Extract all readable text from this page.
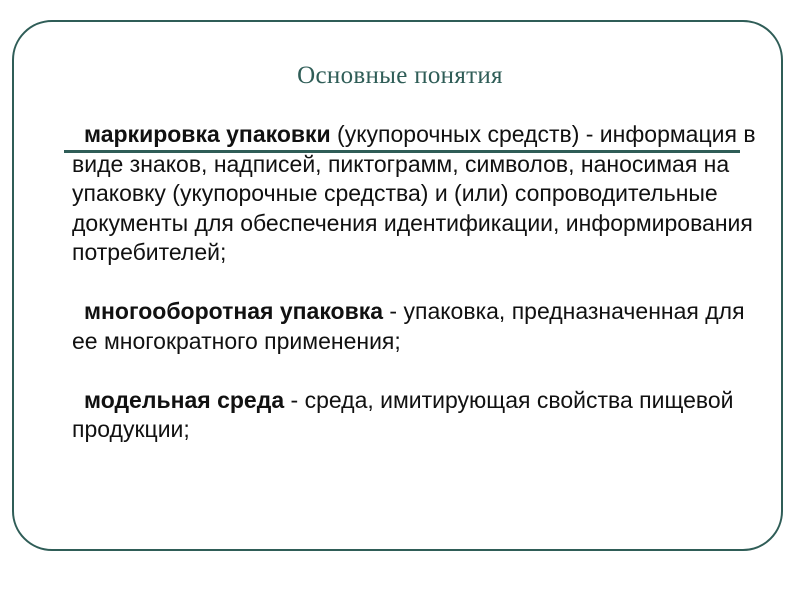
Основные понятия

маркировка упаковки (укупорочных средств) - информация в виде знаков, надписей, пиктограмм, символов, наносимая на упаковку (укупорочные средства) и (или) сопроводительные документы для обеспечения идентификации, информирования потребителей;

многооборотная упаковка - упаковка, предназначенная для ее многократного применения;

модельная среда - среда, имитирующая свойства пищевой продукции;
